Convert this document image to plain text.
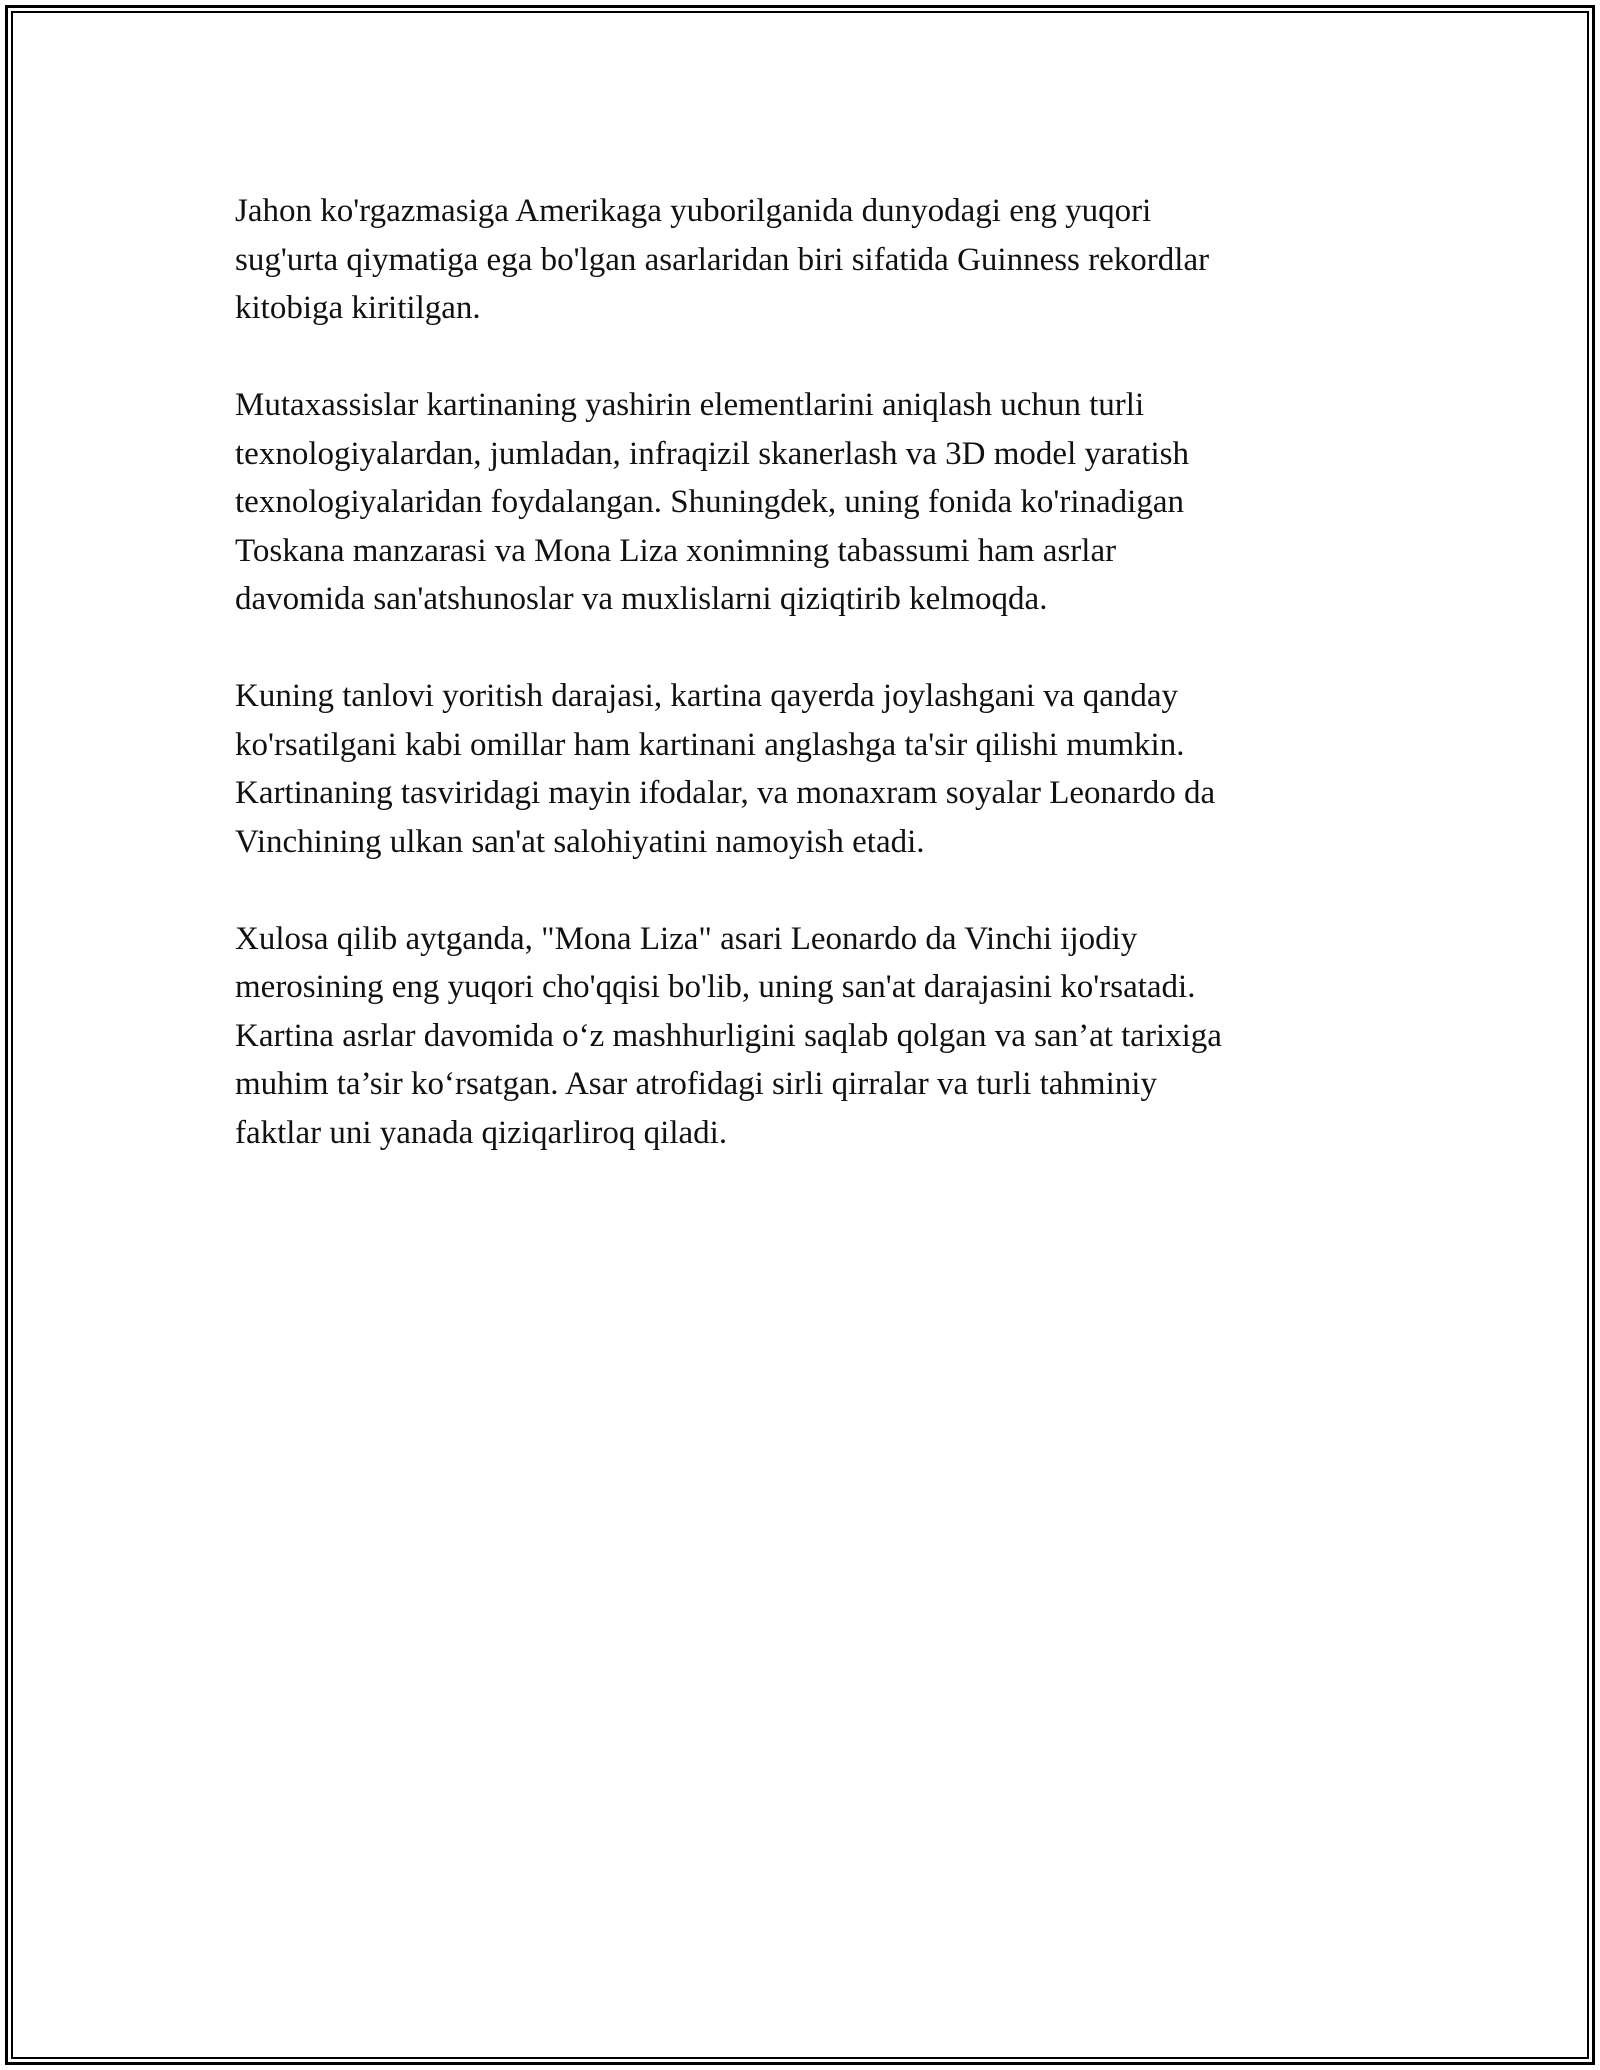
Jahon ko'rgazmasiga Amerikaga yuborilganida dunyodagi eng yuqori
sug'urta qiymatiga ega bo'lgan asarlaridan biri sifatida Guinness rekordlar
kitobiga kiritilgan.

Mutaxassislar kartinaning yashirin elementlarini aniqlash uchun turli
texnologiyalardan, jumladan, infraqizil skanerlash va 3D model yaratish
texnologiyalaridan foydalangan. Shuningdek, uning fonida ko'rinadigan
Toskana manzarasi va Mona Liza xonimning tabassumi ham asrlar
davomida san'atshunoslar va muxlislarni qiziqtirib kelmoqda.

Kuning tanlovi yoritish darajasi, kartina qayerda joylashgani va qanday
ko'rsatilgani kabi omillar ham kartinani anglashga ta'sir qilishi mumkin.
Kartinaning tasviridagi mayin ifodalar, va monaxram soyalar Leonardo da
Vinchining ulkan san'at salohiyatini namoyish etadi.

Xulosa qilib aytganda, "Mona Liza" asari Leonardo da Vinchi ijodiy
merosining eng yuqori cho'qqisi bo'lib, uning san'at darajasini ko'rsatadi.
Kartina asrlar davomida o‘z mashhurligini saqlab qolgan va san’at tarixiga
muhim ta’sir ko‘rsatgan. Asar atrofidagi sirli qirralar va turli tahminiy
faktlar uni yanada qiziqarliroq qiladi.
